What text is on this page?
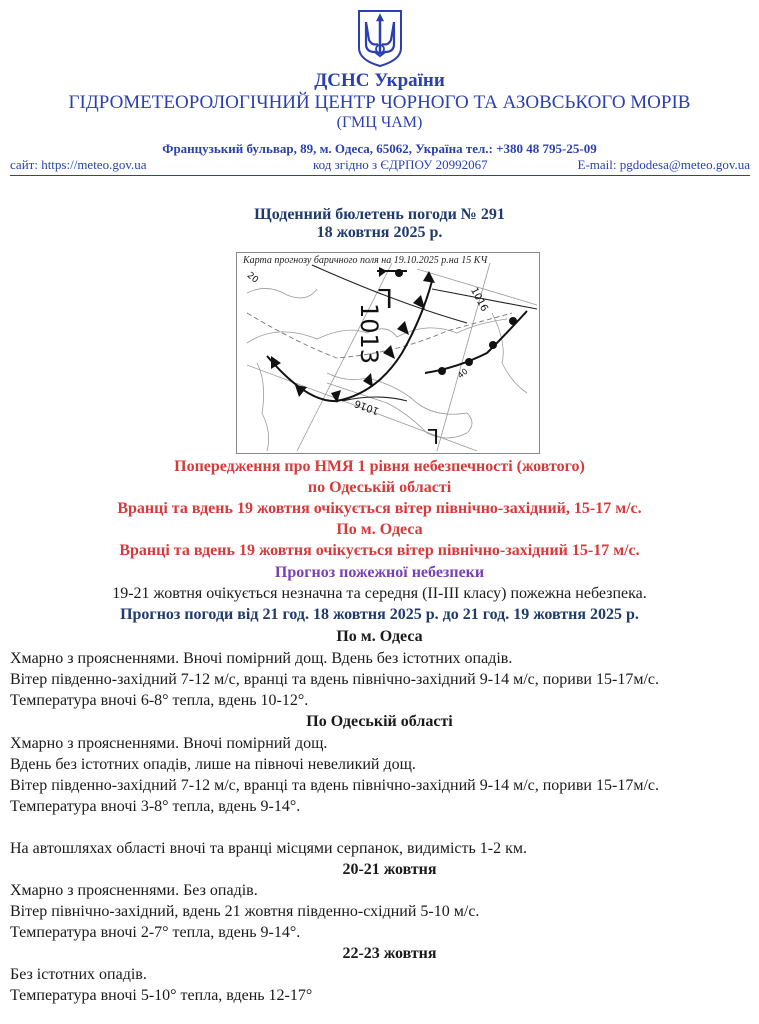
ДСНС України
ГІДРОМЕТЕОРОЛОГІЧНИЙ ЦЕНТР ЧОРНОГО ТА АЗОВСЬКОГО МОРІВ
(ГМЦ ЧАМ)
Французький бульвар, 89, м. Одеса, 65062, Україна тел.: +380 48 795-25-09
сайт: https://meteo.gov.ua	код згідно з ЄДРПОУ 20992067	E-mail: pgdodesa@meteo.gov.ua
Щоденний бюлетень погоди № 291
18 жовтня 2025 р.
Карта прогнозу баричного поля на 19.10.2025 р.на 15 КЧ
1013
1016
1016
20
40
L
L
Попередження про НМЯ 1 рівня небезпечності (жовтого)
по Одеській області
Вранці та вдень 19 жовтня очікується вітер північно-західний, 15-17 м/с.
По м. Одеса
Вранці та вдень 19 жовтня очікується вітер північно-західний 15-17 м/с.
Прогноз пожежної небезпеки
19-21 жовтня очікується незначна та середня (ІІ-ІІІ класу) пожежна небезпека.
Прогноз погоди від 21 год. 18 жовтня 2025 р. до 21 год. 19 жовтня 2025 р.
По м. Одеса
Хмарно з проясненнями. Вночі помірний дощ. Вдень без істотних опадів.
Вітер південно-західний 7-12 м/с, вранці та вдень північно-західний 9-14 м/с, пориви 15-17м/с.
Температура вночі 6-8° тепла, вдень 10-12°.
По Одеській області
Хмарно з проясненнями. Вночі помірний дощ.
Вдень без істотних опадів, лише на півночі невеликий дощ.
Вітер південно-західний 7-12 м/с, вранці та вдень північно-західний 9-14 м/с, пориви 15-17м/с.
Температура вночі 3-8° тепла, вдень 9-14°.
На автошляхах області вночі та вранці місцями серпанок, видимість 1-2 км.
20-21 жовтня
Хмарно з проясненнями. Без опадів.
Вітер північно-західний, вдень 21 жовтня південно-східний 5-10 м/с.
Температура вночі 2-7° тепла, вдень 9-14°.
22-23 жовтня
Без істотних опадів.
Температура вночі 5-10° тепла, вдень 12-17°
